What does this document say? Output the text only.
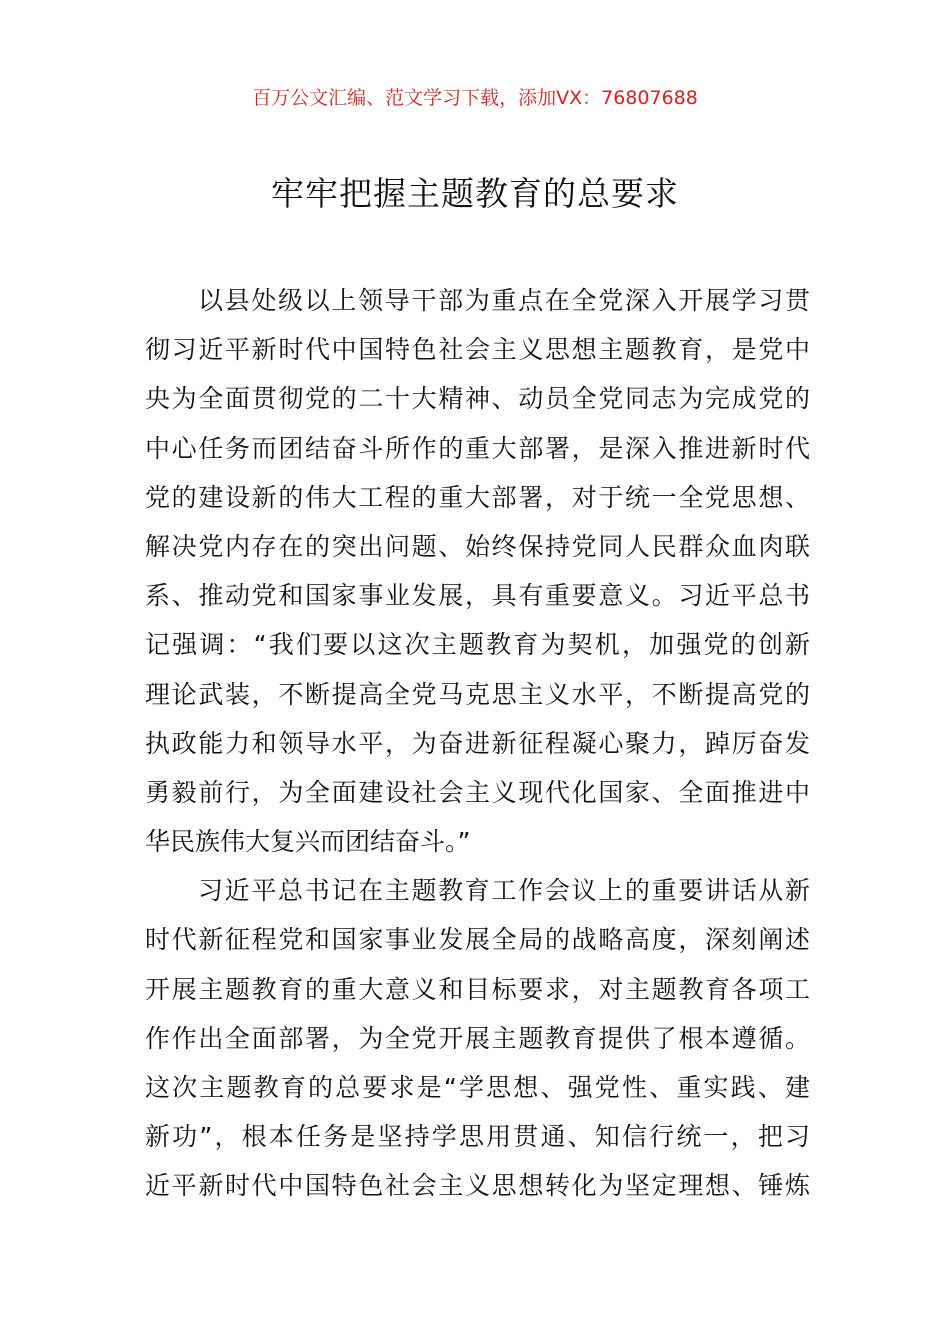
百万公文汇编、范文学习下载，添加VX：76807688
牢牢把握主题教育的总要求
以县处级以上领导干部为重点在全党深入开展学习贯
彻习近平新时代中国特色社会主义思想主题教育，是党中
央为全面贯彻党的二十大精神、动员全党同志为完成党的
中心任务而团结奋斗所作的重大部署，是深入推进新时代
党的建设新的伟大工程的重大部署，对于统一全党思想、
解决党内存在的突出问题、始终保持党同人民群众血肉联
系、推动党和国家事业发展，具有重要意义。习近平总书
记强调：“我们要以这次主题教育为契机，加强党的创新
理论武装，不断提高全党马克思主义水平，不断提高党的
执政能力和领导水平，为奋进新征程凝心聚力，踔厉奋发
勇毅前行，为全面建设社会主义现代化国家、全面推进中
华民族伟大复兴而团结奋斗。”
习近平总书记在主题教育工作会议上的重要讲话从新
时代新征程党和国家事业发展全局的战略高度，深刻阐述
开展主题教育的重大意义和目标要求，对主题教育各项工
作作出全面部署，为全党开展主题教育提供了根本遵循。
这次主题教育的总要求是“学思想、强党性、重实践、建
新功”，根本任务是坚持学思用贯通、知信行统一，把习
近平新时代中国特色社会主义思想转化为坚定理想、锤炼
